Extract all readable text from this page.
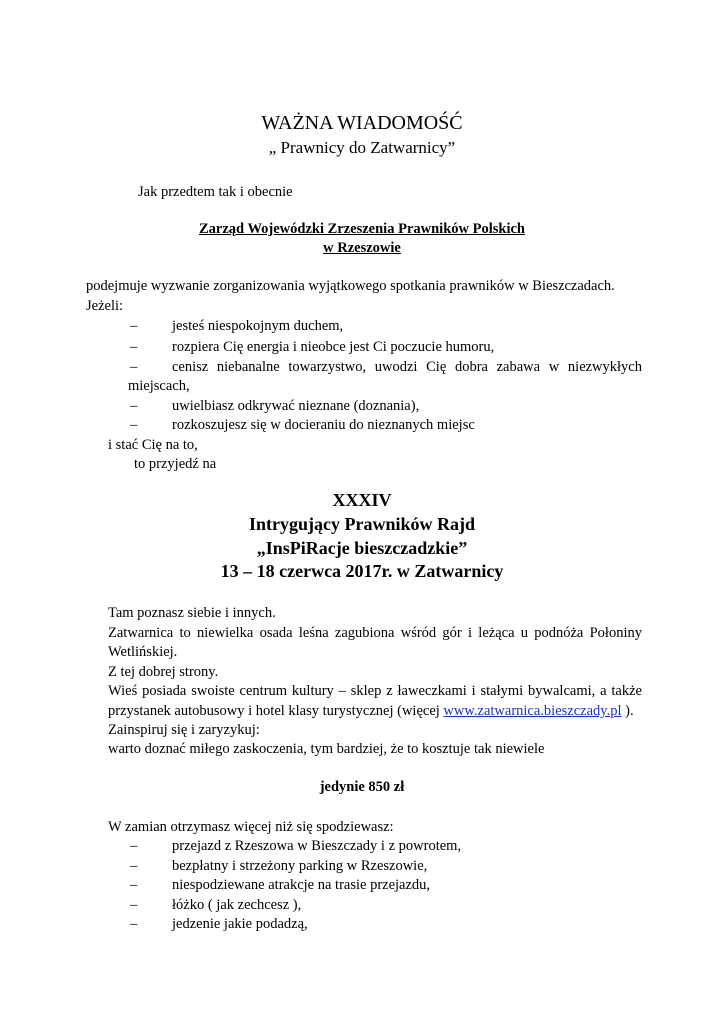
WAŻNA WIADOMOŚĆ
„ Prawnicy do Zatwarnicy”
Jak przedtem tak i obecnie
Zarząd Wojewódzki Zrzeszenia Prawników Polskich
w Rzeszowie
podejmuje wyzwanie zorganizowania wyjątkowego spotkania prawników w Bieszczadach.
Jeżeli:
– jesteś niespokojnym duchem,
– rozpiera Cię energia i nieobce jest Ci poczucie humoru,
– cenisz niebanalne towarzystwo, uwodzi Cię dobra zabawa w niezwykłych
miejscach,
– uwielbiasz odkrywać nieznane (doznania),
– rozkoszujesz się w docieraniu do nieznanych miejsc
i stać Cię na to,
to przyjedź na
XXXIV
Intrygujący Prawników Rajd
„InsPiRacje bieszczadzkie”
13 – 18 czerwca 2017r. w Zatwarnicy
Tam poznasz siebie i innych.
Zatwarnica to niewielka osada leśna zagubiona wśród gór i leżąca u podnóża Połoniny
Wetlińskiej.
Z tej dobrej strony.
Wieś posiada swoiste centrum kultury – sklep z ławeczkami i stałymi bywalcami, a także
przystanek autobusowy i hotel klasy turystycznej (więcej www.zatwarnica.bieszczady.pl ).
Zainspiruj się i zaryzykuj:
warto doznać miłego zaskoczenia, tym bardziej, że to kosztuje tak niewiele
jedynie 850 zł
W zamian otrzymasz więcej niż się spodziewasz:
– przejazd z Rzeszowa w Bieszczady i z powrotem,
– bezpłatny i strzeżony parking w Rzeszowie,
– niespodziewane atrakcje na trasie przejazdu,
– łóżko ( jak zechcesz ),
– jedzenie jakie podadzą,
